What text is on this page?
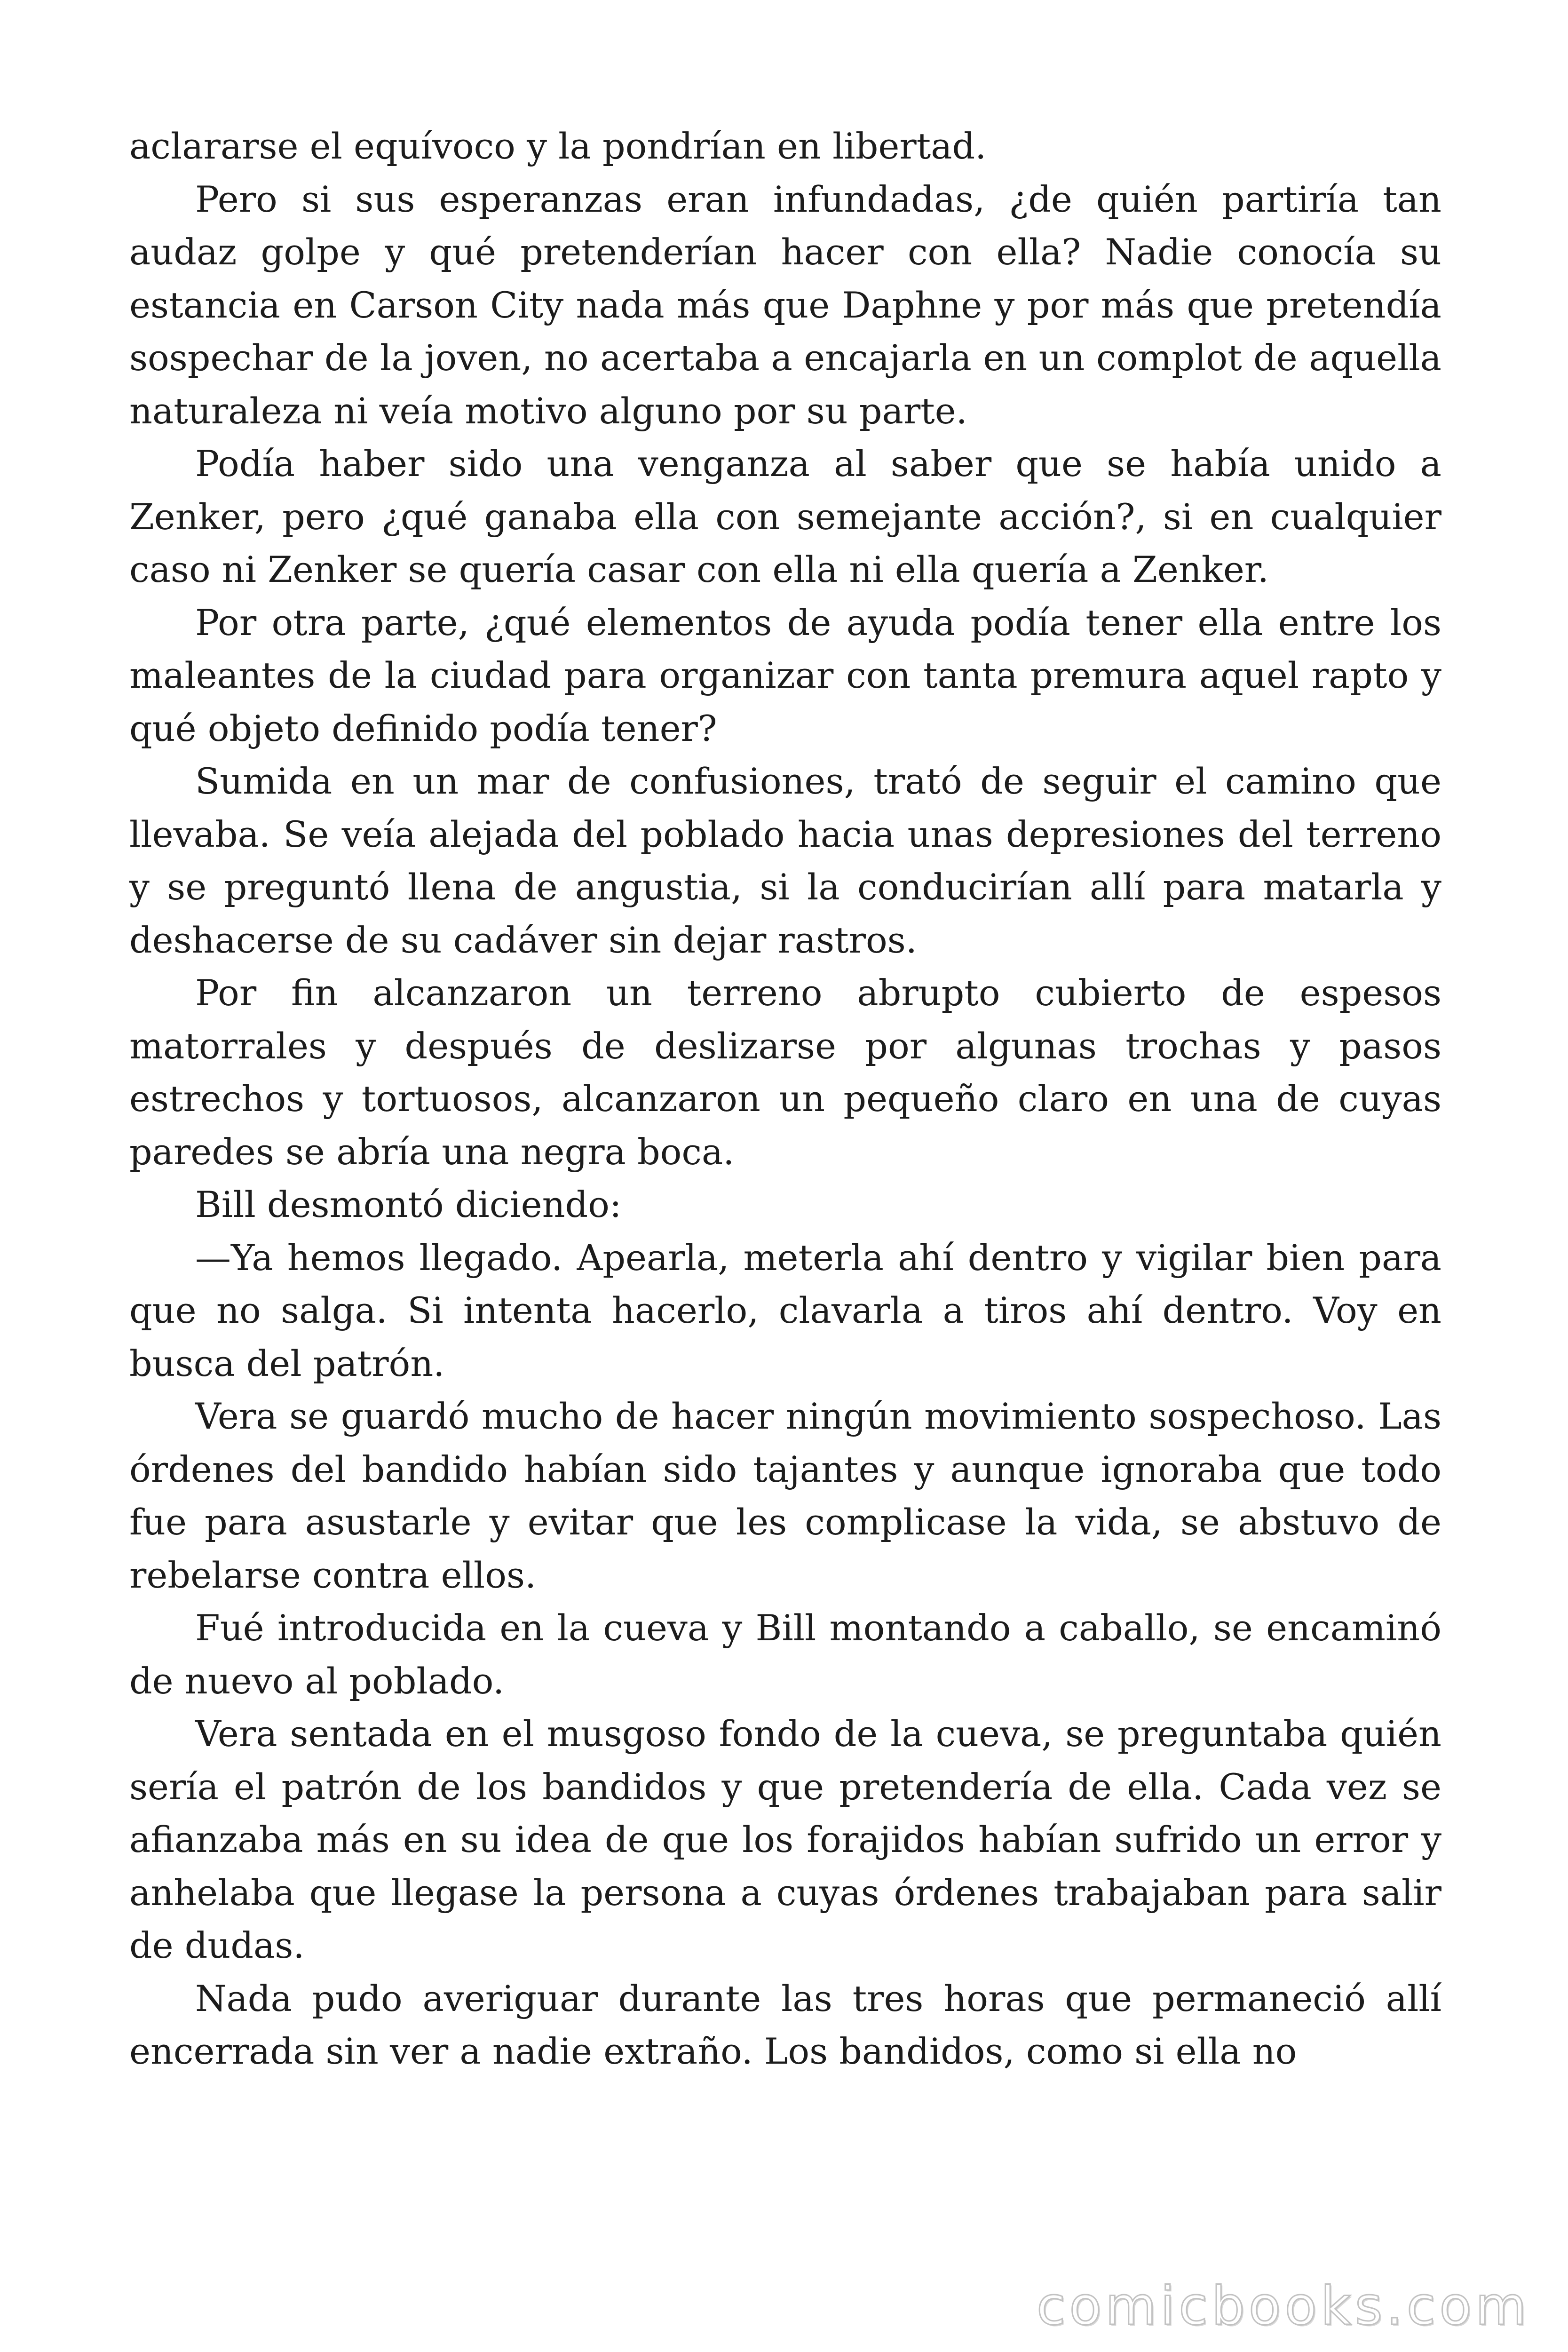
aclararse el equívoco y la pondrían en libertad.

Pero si sus esperanzas eran infundadas, ¿de quién partiría tan audaz golpe y qué pretenderían hacer con ella? Nadie conocía su estancia en Carson City nada más que Daphne y por más que pretendía sospechar de la joven, no acertaba a encajarla en un complot de aquella naturaleza ni veía motivo alguno por su parte.

Podía haber sido una venganza al saber que se había unido a Zenker, pero ¿qué ganaba ella con semejante acción?, si en cualquier caso ni Zenker se quería casar con ella ni ella quería a Zenker.

Por otra parte, ¿qué elementos de ayuda podía tener ella entre los maleantes de la ciudad para organizar con tanta premura aquel rapto y qué objeto definido podía tener?

Sumida en un mar de confusiones, trató de seguir el camino que llevaba. Se veía alejada del poblado hacia unas depresiones del terreno y se preguntó llena de angustia, si la conducirían allí para matarla y deshacerse de su cadáver sin dejar rastros.

Por fin alcanzaron un terreno abrupto cubierto de espesos matorrales y después de deslizarse por algunas trochas y pasos estrechos y tortuosos, alcanzaron un pequeño claro en una de cuyas paredes se abría una negra boca.

Bill desmontó diciendo:

—Ya hemos llegado. Apearla, meterla ahí dentro y vigilar bien para que no salga. Si intenta hacerlo, clavarla a tiros ahí dentro. Voy en busca del patrón.

Vera se guardó mucho de hacer ningún movimiento sospechoso. Las órdenes del bandido habían sido tajantes y aunque ignoraba que todo fue para asustarle y evitar que les complicase la vida, se abstuvo de rebelarse contra ellos.

Fué introducida en la cueva y Bill montando a caballo, se encaminó de nuevo al poblado.

Vera sentada en el musgoso fondo de la cueva, se preguntaba quién sería el patrón de los bandidos y que pretendería de ella. Cada vez se afianzaba más en su idea de que los forajidos habían sufrido un error y anhelaba que llegase la persona a cuyas órdenes trabajaban para salir de dudas.

Nada pudo averiguar durante las tres horas que permaneció allí encerrada sin ver a nadie extraño. Los bandidos, como si ella no

comicbooks.com
